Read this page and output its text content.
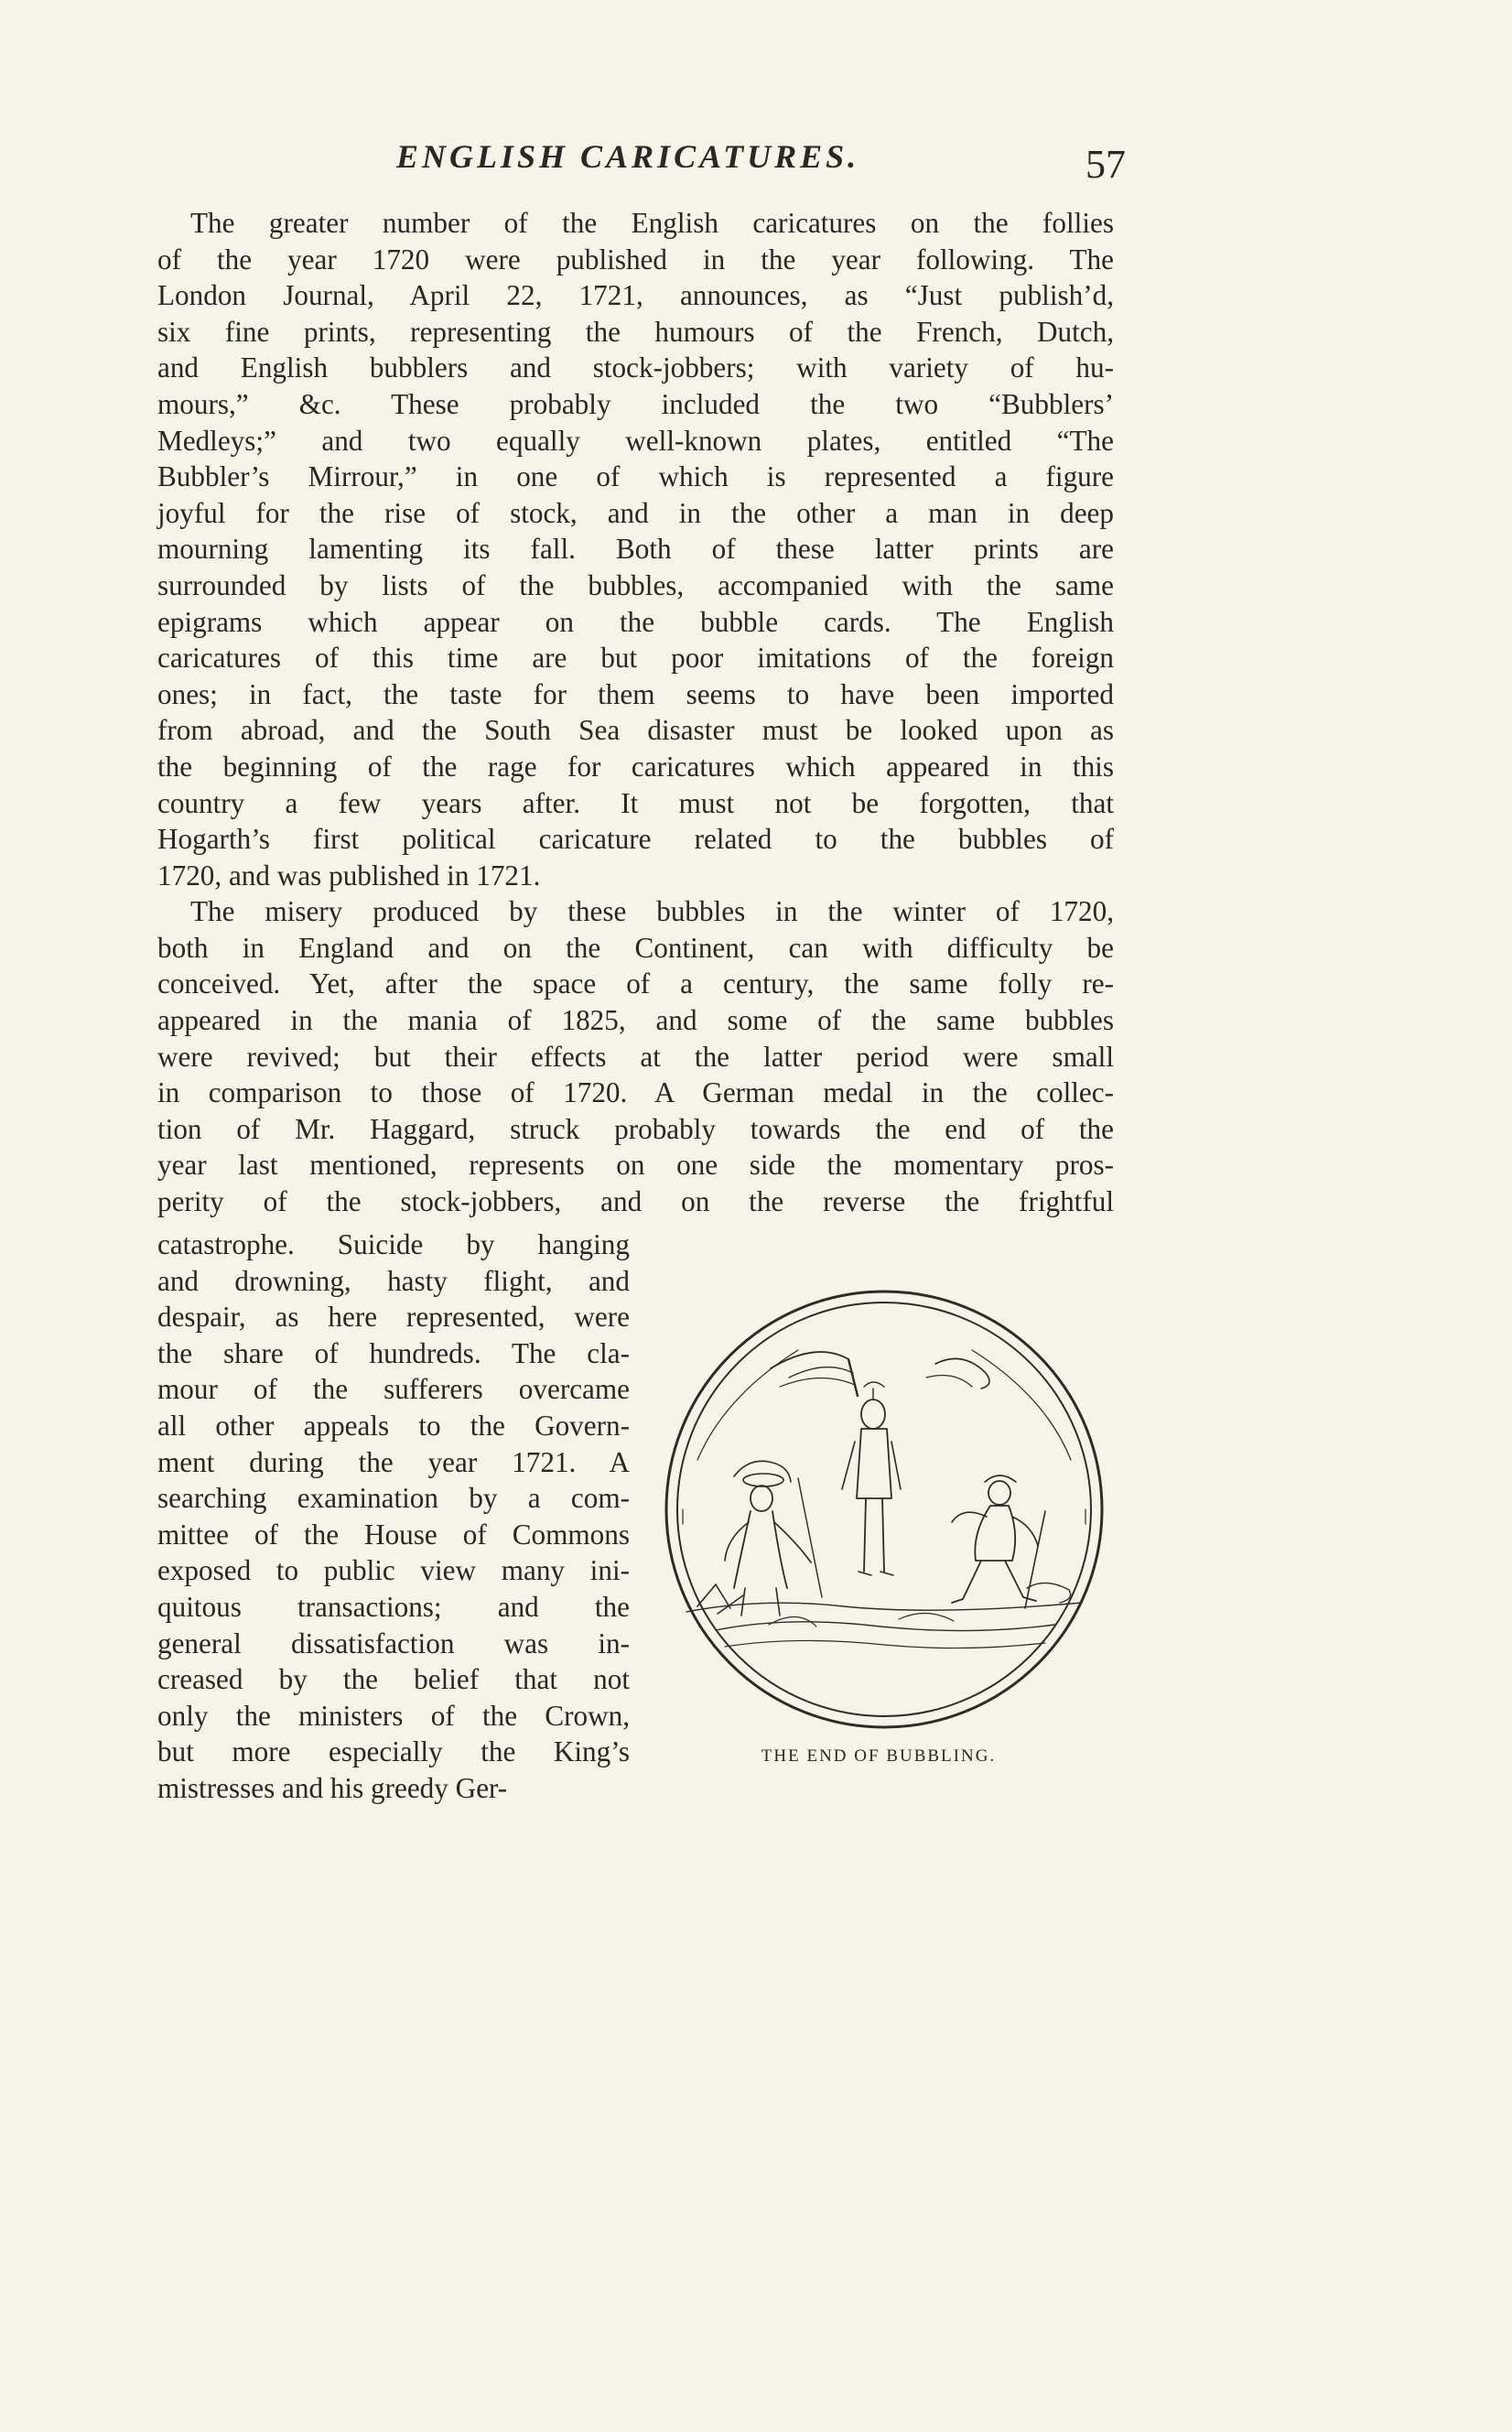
ENGLISH CARICATURES.	57
The greater number of the English caricatures on the follies
of the year 1720 were published in the year following. The
London Journal, April 22, 1721, announces, as “Just publish’d,
six fine prints, representing the humours of the French, Dutch,
and English bubblers and stock-jobbers; with variety of hu-
mours,” &c. These probably included the two “Bubblers’
Medleys;” and two equally well-known plates, entitled “The
Bubbler’s Mirrour,” in one of which is represented a figure
joyful for the rise of stock, and in the other a man in deep
mourning lamenting its fall. Both of these latter prints are
surrounded by lists of the bubbles, accompanied with the same
epigrams which appear on the bubble cards. The English
caricatures of this time are but poor imitations of the foreign
ones; in fact, the taste for them seems to have been imported
from abroad, and the South Sea disaster must be looked upon as
the beginning of the rage for caricatures which appeared in this
country a few years after. It must not be forgotten, that
Hogarth’s first political caricature related to the bubbles of
1720, and was published in 1721.
The misery produced by these bubbles in the winter of 1720,
both in England and on the Continent, can with difficulty be
conceived. Yet, after the space of a century, the same folly re-
appeared in the mania of 1825, and some of the same bubbles
were revived; but their effects at the latter period were small
in comparison to those of 1720. A German medal in the collec-
tion of Mr. Haggard, struck probably towards the end of the
year last mentioned, represents on one side the momentary pros-
perity of the stock-jobbers, and on the reverse the frightful
catastrophe. Suicide by hanging
and drowning, hasty flight, and
despair, as here represented, were
the share of hundreds. The cla-
mour of the sufferers overcame
all other appeals to the Govern-
ment during the year 1721. A
searching examination by a com-
mittee of the House of Commons
exposed to public view many ini-
quitous transactions; and the
general dissatisfaction was in-
creased by the belief that not
only the ministers of the Crown,
but more especially the King’s
mistresses and his greedy Ger-
THE END OF BUBBLING.
